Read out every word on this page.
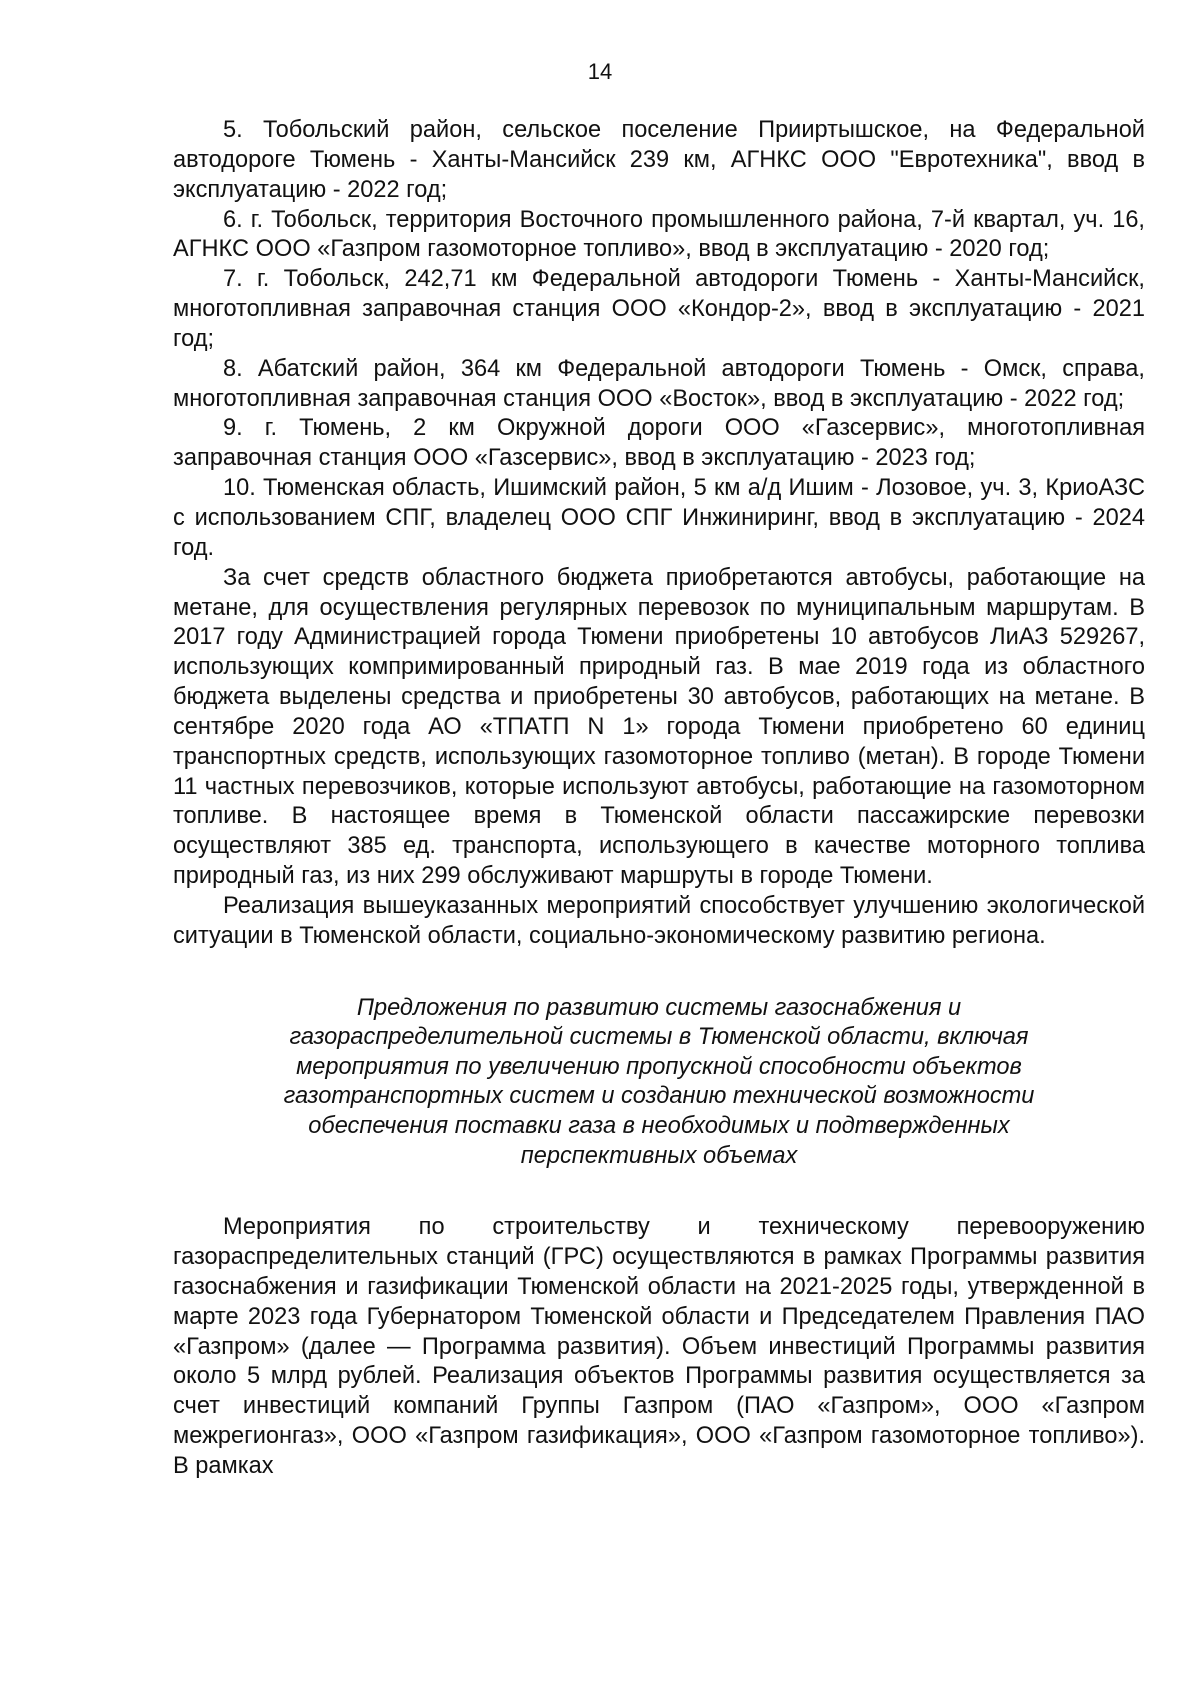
14

5. Тобольский район, сельское поселение Прииртышское, на Федеральной автодороге Тюмень - Ханты-Мансийск 239 км, АГНКС ООО "Евротехника", ввод в эксплуатацию - 2022 год;

6. г. Тобольск, территория Восточного промышленного района, 7-й квартал, уч. 16, АГНКС ООО «Газпром газомоторное топливо», ввод в эксплуатацию - 2020 год;

7. г. Тобольск, 242,71 км Федеральной автодороги Тюмень - Ханты-Мансийск, многотопливная заправочная станция ООО «Кондор-2», ввод в эксплуатацию - 2021 год;

8. Абатский район, 364 км Федеральной автодороги Тюмень - Омск, справа, многотопливная заправочная станция ООО «Восток», ввод в эксплуатацию - 2022 год;

9. г. Тюмень, 2 км Окружной дороги ООО «Газсервис», многотопливная заправочная станция ООО «Газсервис», ввод в эксплуатацию - 2023 год;

10. Тюменская область, Ишимский район, 5 км а/д Ишим - Лозовое, уч. 3, КриоАЗС с использованием СПГ, владелец ООО СПГ Инжиниринг, ввод в эксплуатацию - 2024 год.

За счет средств областного бюджета приобретаются автобусы, работающие на метане, для осуществления регулярных перевозок по муниципальным маршрутам. В 2017 году Администрацией города Тюмени приобретены 10 автобусов ЛиАЗ 529267, использующих компримированный природный газ. В мае 2019 года из областного бюджета выделены средства и приобретены 30 автобусов, работающих на метане. В сентябре 2020 года АО «ТПАТП N 1» города Тюмени приобретено 60 единиц транспортных средств, использующих газомоторное топливо (метан). В городе Тюмени 11 частных перевозчиков, которые используют автобусы, работающие на газомоторном топливе. В настоящее время в Тюменской области пассажирские перевозки осуществляют 385 ед. транспорта, использующего в качестве моторного топлива природный газ, из них 299 обслуживают маршруты в городе Тюмени.

Реализация вышеуказанных мероприятий способствует улучшению экологической ситуации в Тюменской области, социально-экономическому развитию региона.

Предложения по развитию системы газоснабжения и газораспределительной системы в Тюменской области, включая мероприятия по увеличению пропускной способности объектов газотранспортных систем и созданию технической возможности обеспечения поставки газа в необходимых и подтвержденных перспективных объемах

Мероприятия по строительству и техническому перевооружению газораспределительных станций (ГРС) осуществляются в рамках Программы развития газоснабжения и газификации Тюменской области на 2021-2025 годы, утвержденной в марте 2023 года Губернатором Тюменской области и Председателем Правления ПАО «Газпром» (далее — Программа развития). Объем инвестиций Программы развития около 5 млрд рублей. Реализация объектов Программы развития осуществляется за счет инвестиций компаний Группы Газпром (ПАО «Газпром», ООО «Газпром межрегионгаз», ООО «Газпром газификация», ООО «Газпром газомоторное топливо»). В рамках
